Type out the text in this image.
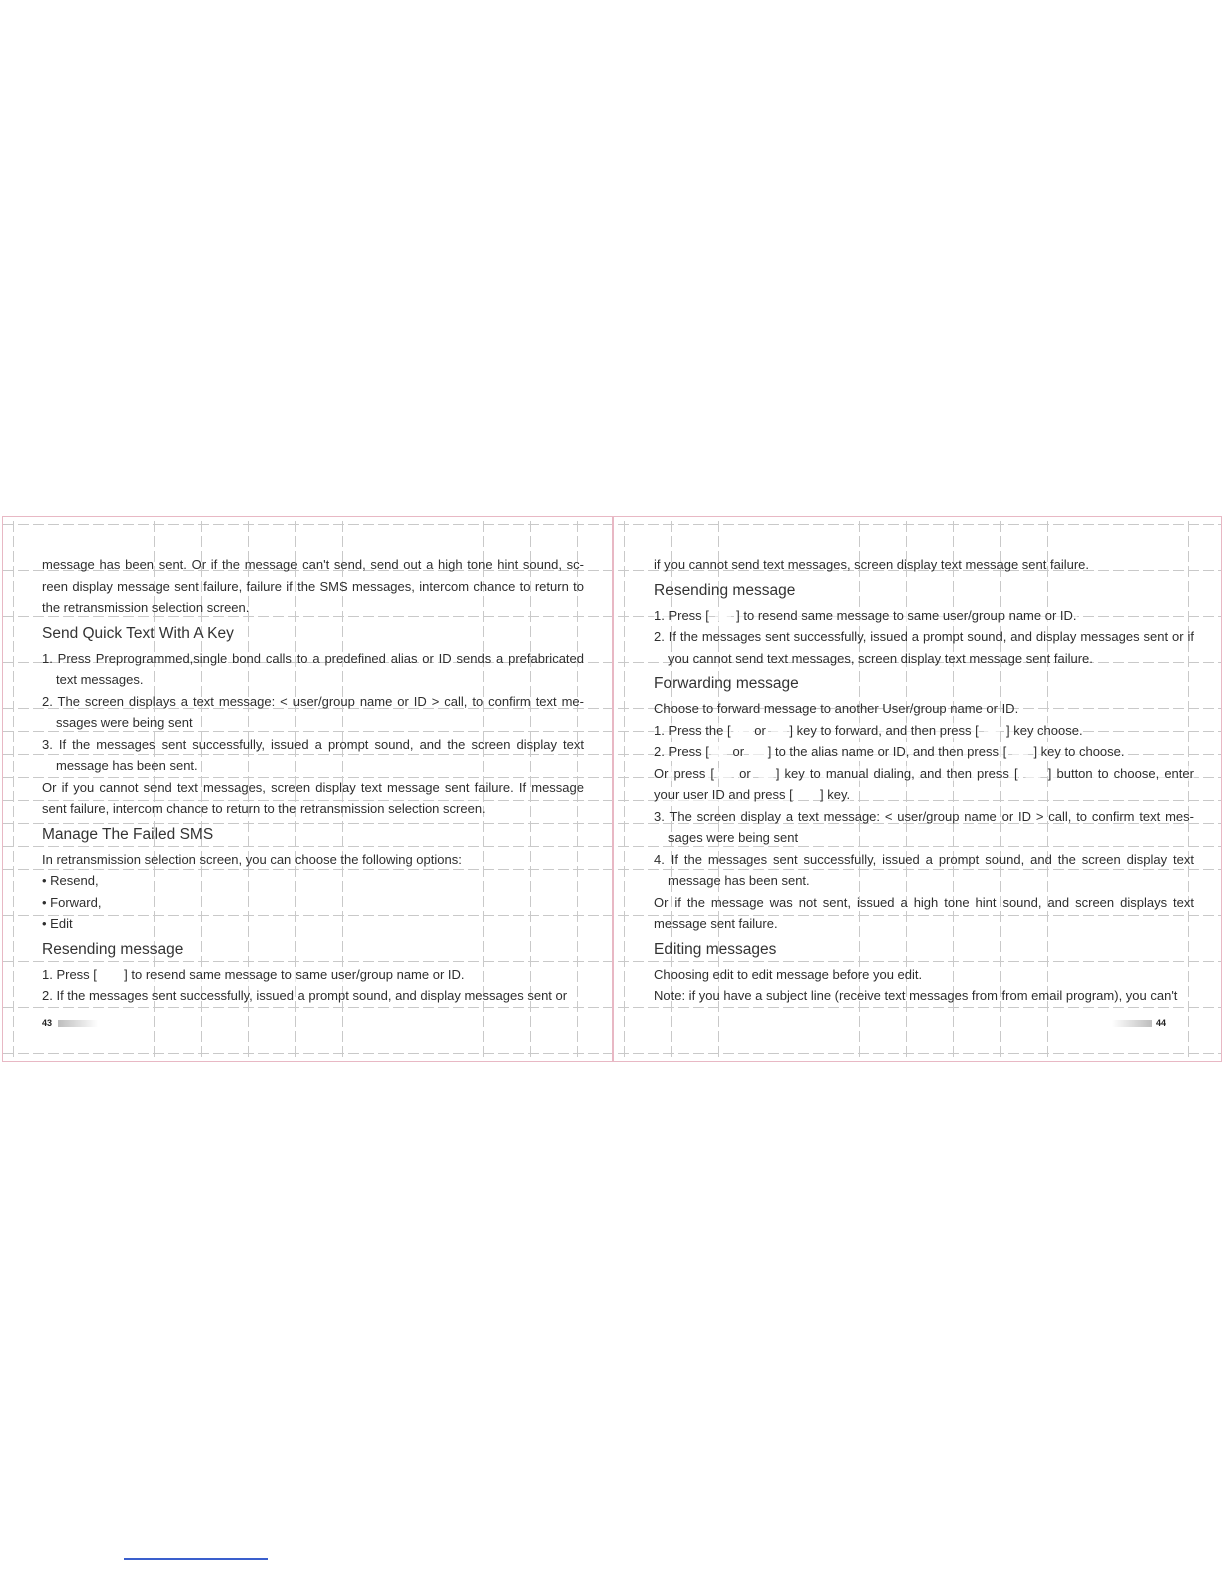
message has been sent. Or if the message can't send, send out a high tone hint sound, sc-reen display message sent failure, failure if the SMS messages, intercom chance to return to the retransmission selection screen.

Send Quick Text With A Key

1. Press Preprogrammed,single bond calls to a predefined alias or ID sends a prefabricated text messages.

2. The screen displays a text message: < user/group name or ID > call, to confirm text me-ssages were being sent

3. If the messages sent successfully, issued a prompt sound, and the screen display text message has been sent.

Or if you cannot send text messages, screen display text message sent failure. If message sent failure, intercom chance to return to the retransmission selection screen.

Manage The Failed SMS

In retransmission selection screen, you can choose the following options:

• Resend,

• Forward,

• Edit

Resending message

1. Press [ ] to resend same message to same user/group name or ID.

2. If the messages sent successfully, issued a prompt sound, and display messages sent or

if you cannot send text messages, screen display text message sent failure.

Resending message

1. Press [ ] to resend same message to same user/group name or ID.

2. If the messages sent successfully, issued a prompt sound, and display messages sent or if you cannot send text messages, screen display text message sent failure.

Forwarding message

Choose to forward message to another User/group name or ID.

1. Press the [ or ] key to forward, and then press [ ] key choose.

2. Press [ or ] to the alias name or ID, and then press [ ] key to choose.

Or press [ or ] key to manual dialing, and then press [ ] button to choose, enter your user ID and press [ ] key.

3. The screen display a text message: < user/group name or ID > call, to confirm text mes-sages were being sent

4. If the messages sent successfully, issued a prompt sound, and the screen display text message has been sent.

Or if the message was not sent, issued a high tone hint sound, and screen displays text message sent failure.

Editing messages

Choosing edit to edit message before you edit.

Note: if you have a subject line (receive text messages from from email program), you can't

43	44
